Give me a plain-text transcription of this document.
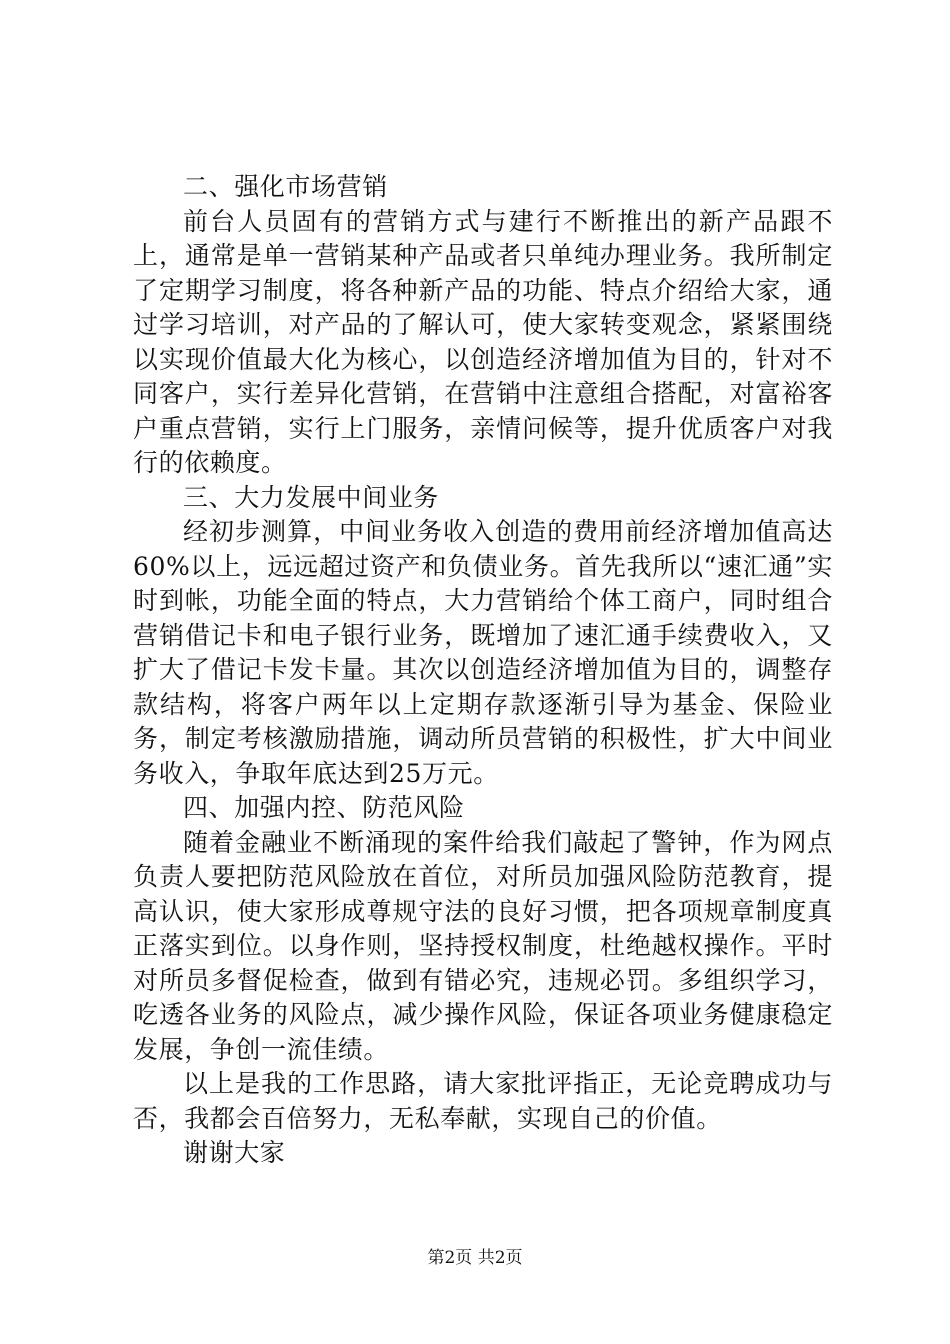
二、强化市场营销

前台人员固有的营销方式与建行不断推出的新产品跟不上，通常是单一营销某种产品或者只单纯办理业务。我所制定了定期学习制度，将各种新产品的功能、特点介绍给大家，通过学习培训，对产品的了解认可，使大家转变观念，紧紧围绕以实现价值最大化为核心，以创造经济增加值为目的，针对不同客户，实行差异化营销，在营销中注意组合搭配，对富裕客户重点营销，实行上门服务，亲情问候等，提升优质客户对我行的依赖度。

三、大力发展中间业务

经初步测算，中间业务收入创造的费用前经济增加值高达60%以上，远远超过资产和负债业务。首先我所以“速汇通”实时到帐，功能全面的特点，大力营销给个体工商户，同时组合营销借记卡和电子银行业务，既增加了速汇通手续费收入，又扩大了借记卡发卡量。其次以创造经济增加值为目的，调整存款结构，将客户两年以上定期存款逐渐引导为基金、保险业务，制定考核激励措施，调动所员营销的积极性，扩大中间业务收入，争取年底达到25万元。

四、加强内控、防范风险

随着金融业不断涌现的案件给我们敲起了警钟，作为网点负责人要把防范风险放在首位，对所员加强风险防范教育，提高认识，使大家形成尊规守法的良好习惯，把各项规章制度真正落实到位。以身作则，坚持授权制度，杜绝越权操作。平时对所员多督促检查，做到有错必究，违规必罚。多组织学习，吃透各业务的风险点，减少操作风险，保证各项业务健康稳定发展，争创一流佳绩。

以上是我的工作思路，请大家批评指正，无论竞聘成功与否，我都会百倍努力，无私奉献，实现自己的价值。

谢谢大家

第2页 共2页
